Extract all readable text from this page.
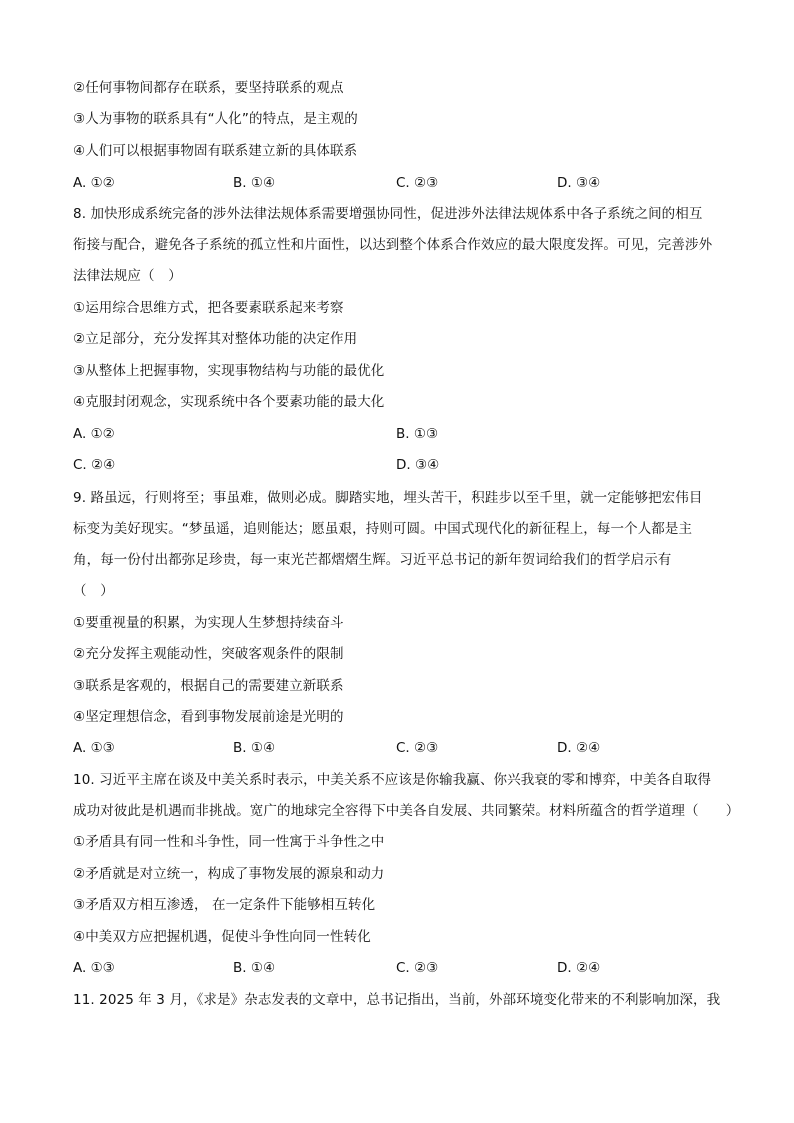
②任何事物间都存在联系，要坚持联系的观点
③人为事物的联系具有“人化”的特点，是主观的
④人们可以根据事物固有联系建立新的具体联系
A. ①②	B. ①④	C. ②③	D. ③④
8. 加快形成系统完备的涉外法律法规体系需要增强协同性，促进涉外法律法规体系中各子系统之间的相互
衔接与配合，避免各子系统的孤立性和片面性，以达到整个体系合作效应的最大限度发挥。可见，完善涉外
法律法规应（　）
①运用综合思维方式，把各要素联系起来考察
②立足部分，充分发挥其对整体功能的决定作用
③从整体上把握事物，实现事物结构与功能的最优化
④克服封闭观念，实现系统中各个要素功能的最大化
A. ①②	B. ①③
C. ②④	D. ③④
9. 路虽远，行则将至；事虽难，做则必成。脚踏实地，埋头苦干，积跬步以至千里，就一定能够把宏伟目
标变为美好现实。“梦虽遥，追则能达；愿虽艰，持则可圆。中国式现代化的新征程上，每一个人都是主
角，每一份付出都弥足珍贵，每一束光芒都熠熠生辉。习近平总书记的新年贺词给我们的哲学启示有
（　）
①要重视量的积累，为实现人生梦想持续奋斗
②充分发挥主观能动性，突破客观条件的限制
③联系是客观的，根据自己的需要建立新联系
④坚定理想信念，看到事物发展前途是光明的
A. ①③	B. ①④	C. ②③	D. ②④
10. 习近平主席在谈及中美关系时表示，中美关系不应该是你输我赢、你兴我衰的零和博弈，中美各自取得
成功对彼此是机遇而非挑战。宽广的地球完全容得下中美各自发展、共同繁荣。材料所蕴含的哲学道理（　　）
①矛盾具有同一性和斗争性，同一性寓于斗争性之中
②矛盾就是对立统一，构成了事物发展的源泉和动力
③矛盾双方相互渗透， 在一定条件下能够相互转化
④中美双方应把握机遇，促使斗争性向同一性转化
A. ①③	B. ①④	C. ②③	D. ②④
11. 2025 年 3 月，《求是》杂志发表的文章中，总书记指出，当前，外部环境变化带来的不利影响加深，我
